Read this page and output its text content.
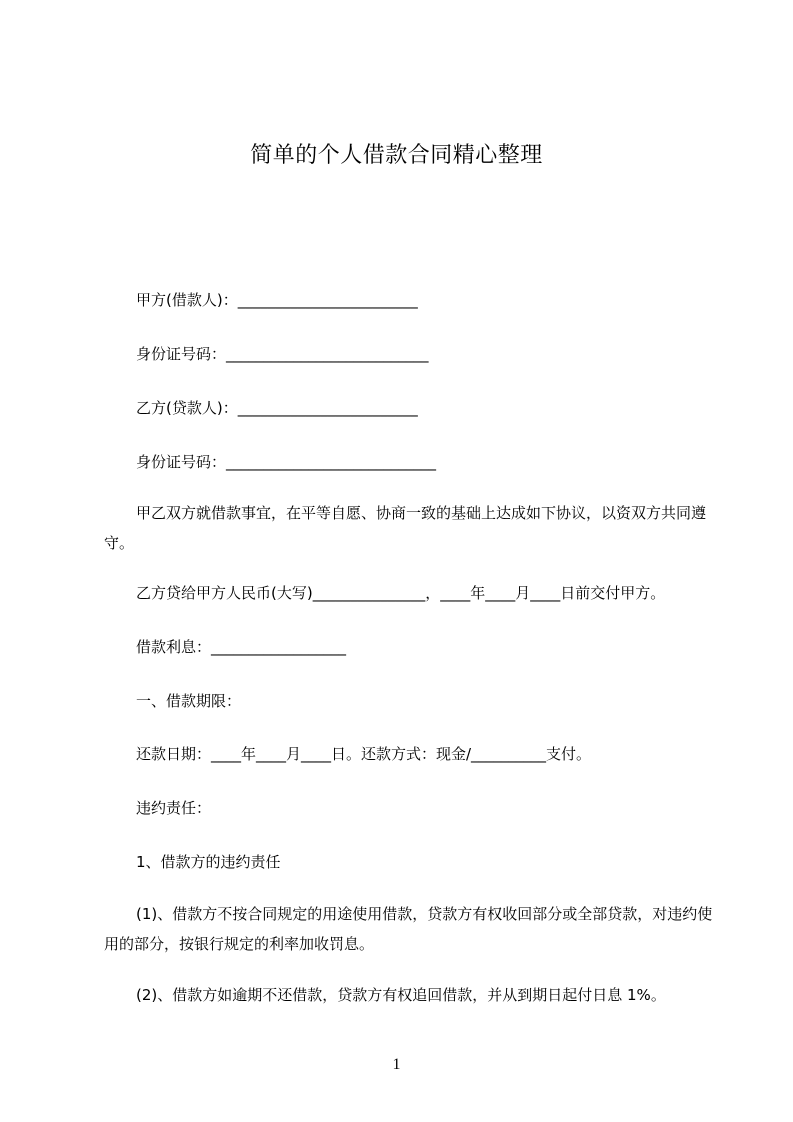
简单的个人借款合同精心整理
甲方(借款人)：________________________
身份证号码：___________________________
乙方(贷款人)：________________________
身份证号码：____________________________
甲乙双方就借款事宜，在平等自愿、协商一致的基础上达成如下协议，以资双方共同遵守。
乙方贷给甲方人民币(大写)_______________，____年____月____日前交付甲方。
借款利息：__________________
一、借款期限：
还款日期：____年____月____日。还款方式：现金/__________支付。
违约责任：
1、借款方的违约责任
(1)、借款方不按合同规定的用途使用借款，贷款方有权收回部分或全部贷款，对违约使用的部分，按银行规定的利率加收罚息。
(2)、借款方如逾期不还借款，贷款方有权追回借款，并从到期日起付日息 1%。
1
